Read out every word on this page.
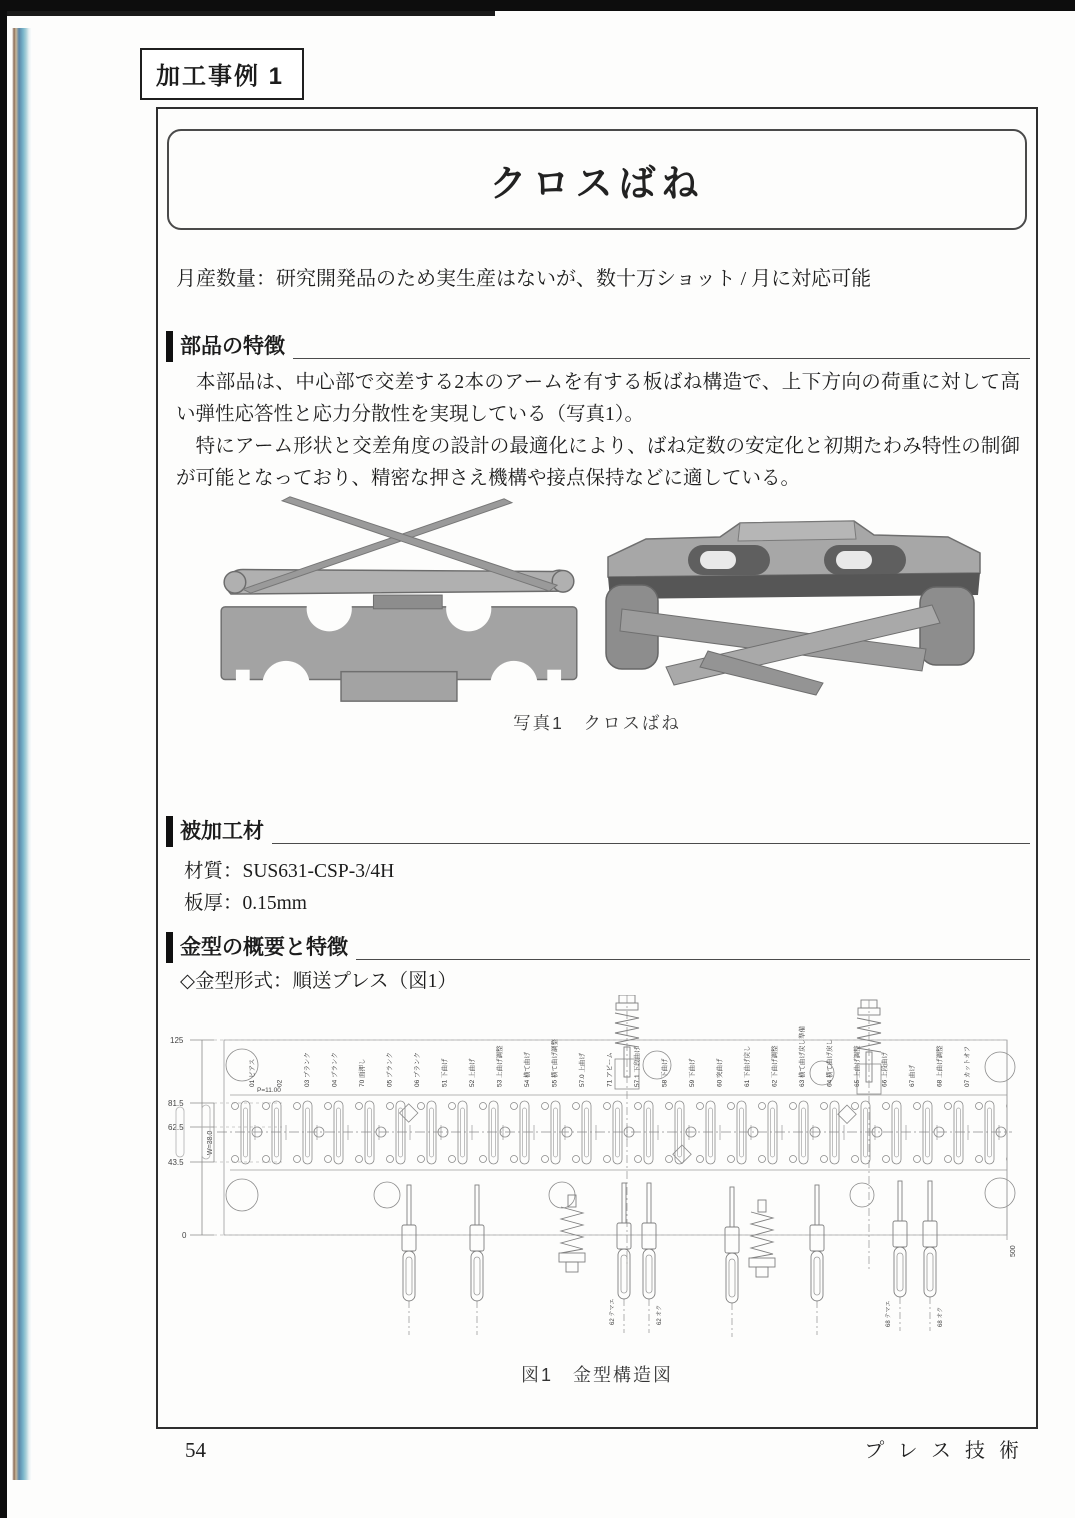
加工事例 1
クロスばね

月産数量：研究開発品のため実生産はないが、数十万ショット / 月に対応可能

部品の特徴

　本部品は、中心部で交差する2本のアームを有する板ばね構造で、上下方向の荷重に対して高い弾性応答性と応力分散性を実現している（写真1）。

　特にアーム形状と交差角度の設計の最適化により、ばね定数の安定化と初期たわみ特性の制御が可能となっており、精密な押さえ機構や接点保持などに適している。

写真1　クロスばね
被加工材

材質：SUS631-CSP-3/4H

板厚：0.15mm

金型の概要と特徴

◇金型形式：順送プレス（図1）

125
81.5
62.5
43.5
0
W=38.0
P=11.00
01 ピアス	02	03 ブランク	04 ブランク	70 面押し	05 ブランク	06 ブランク	51 下曲げ	52 上曲げ	53 上曲げ調整	54 横て曲げ	55 横て曲げ調整	57.0 上曲げ	71 アビーム	57.1 下段曲げ	58 下曲げ	59 下曲げ	60 突曲げ	61 下曲げ戻し	62 下曲げ調整	63 横て曲げ戻し準備	64 横て曲げ戻し	65 上曲げ調整	66 上段曲げ	67 曲げ	68 上曲げ調整	07 カットオフ
500
62 テマエ	62 オク	68 テマエ	68 オク
図1　金型構造図
54	プレス技術
